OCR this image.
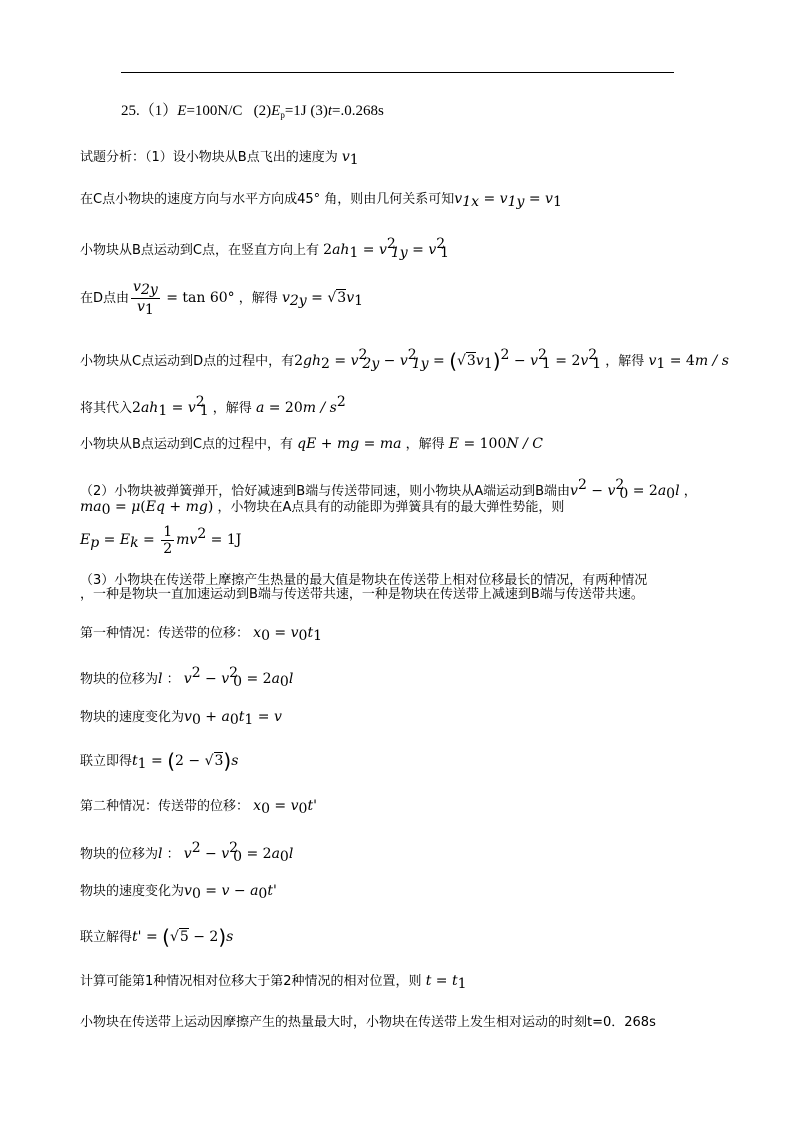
25.（1）E=100N/C   $(2)E_p=1J$ (3)t=.0.268s
试题分析：（1）设小物块从B点飞出的速度为 $v_1$
在C点小物块的速度方向与水平方向成45° 角，则由几何关系可知$v_{1x} = v_{1y} = v_1$
小物块从B点运动到C点，在竖直方向上有 $2ah_1 = v^2_{1y} = v^2_1$
在D点由 $\frac{v_{2y}}{v_1} = \tan 60^\circ$ ，解得 $v_{2y} = √3v_1$
小物块从C点运动到D点的过程中，有$2gh_2 = v^2_{2y} - v^2_{1y} = (√3v_1)^2 - v^2_1 = 2v^2_1$ ，解得 $v_1 = 4m / s$
将其代入$2ah_1 = v^2_1$ ，解得 $a = 20m / s^2$
小物块从B点运动到C点的过程中，有 qE + mg = ma ，解得 E = 100N / C
（2）小物块被弹簧弹开，恰好减速到B端与传送带同速，则小物块从A端运动到B端由$v^2 - v^2_0 = 2a_0l$ ，
$ma_0 = \mu(Eq + mg)$ ，小物块在A点具有的动能即为弹簧具有的最大弹性势能，则
$E_p = E_k = \frac{1}{2} mv^2 = 1J$
（3）小物块在传送带上摩擦产生热量的最大值是物块在传送带上相对位移最长的情况，有两种情况
，一种是物块一直加速运动到B端与传送带共速，一种是物块在传送带上减速到B端与传送带共速。
第一种情况：传送带的位移： $x_0 = v_0t_1$
物块的位移为l ： $v^2 - v^2_0 = 2a_0l$
物块的速度变化为$v_0 + a_0t_1 = v$
联立即得$t_1 = (2 - √3)s$
第二种情况：传送带的位移： $x_0 = v_0t'$
物块的位移为l ： $v^2 - v^2_0 = 2a_0l$
物块的速度变化为$v_0 = v - a_0t'$
联立解得t' = (√5 − 2)s
计算可能第1种情况相对位移大于第2种情况的相对位置，则 $t = t_1$
小物块在传送带上运动因摩擦产生的热量最大时，小物块在传送带上发生相对运动的时刻t=0．268s
